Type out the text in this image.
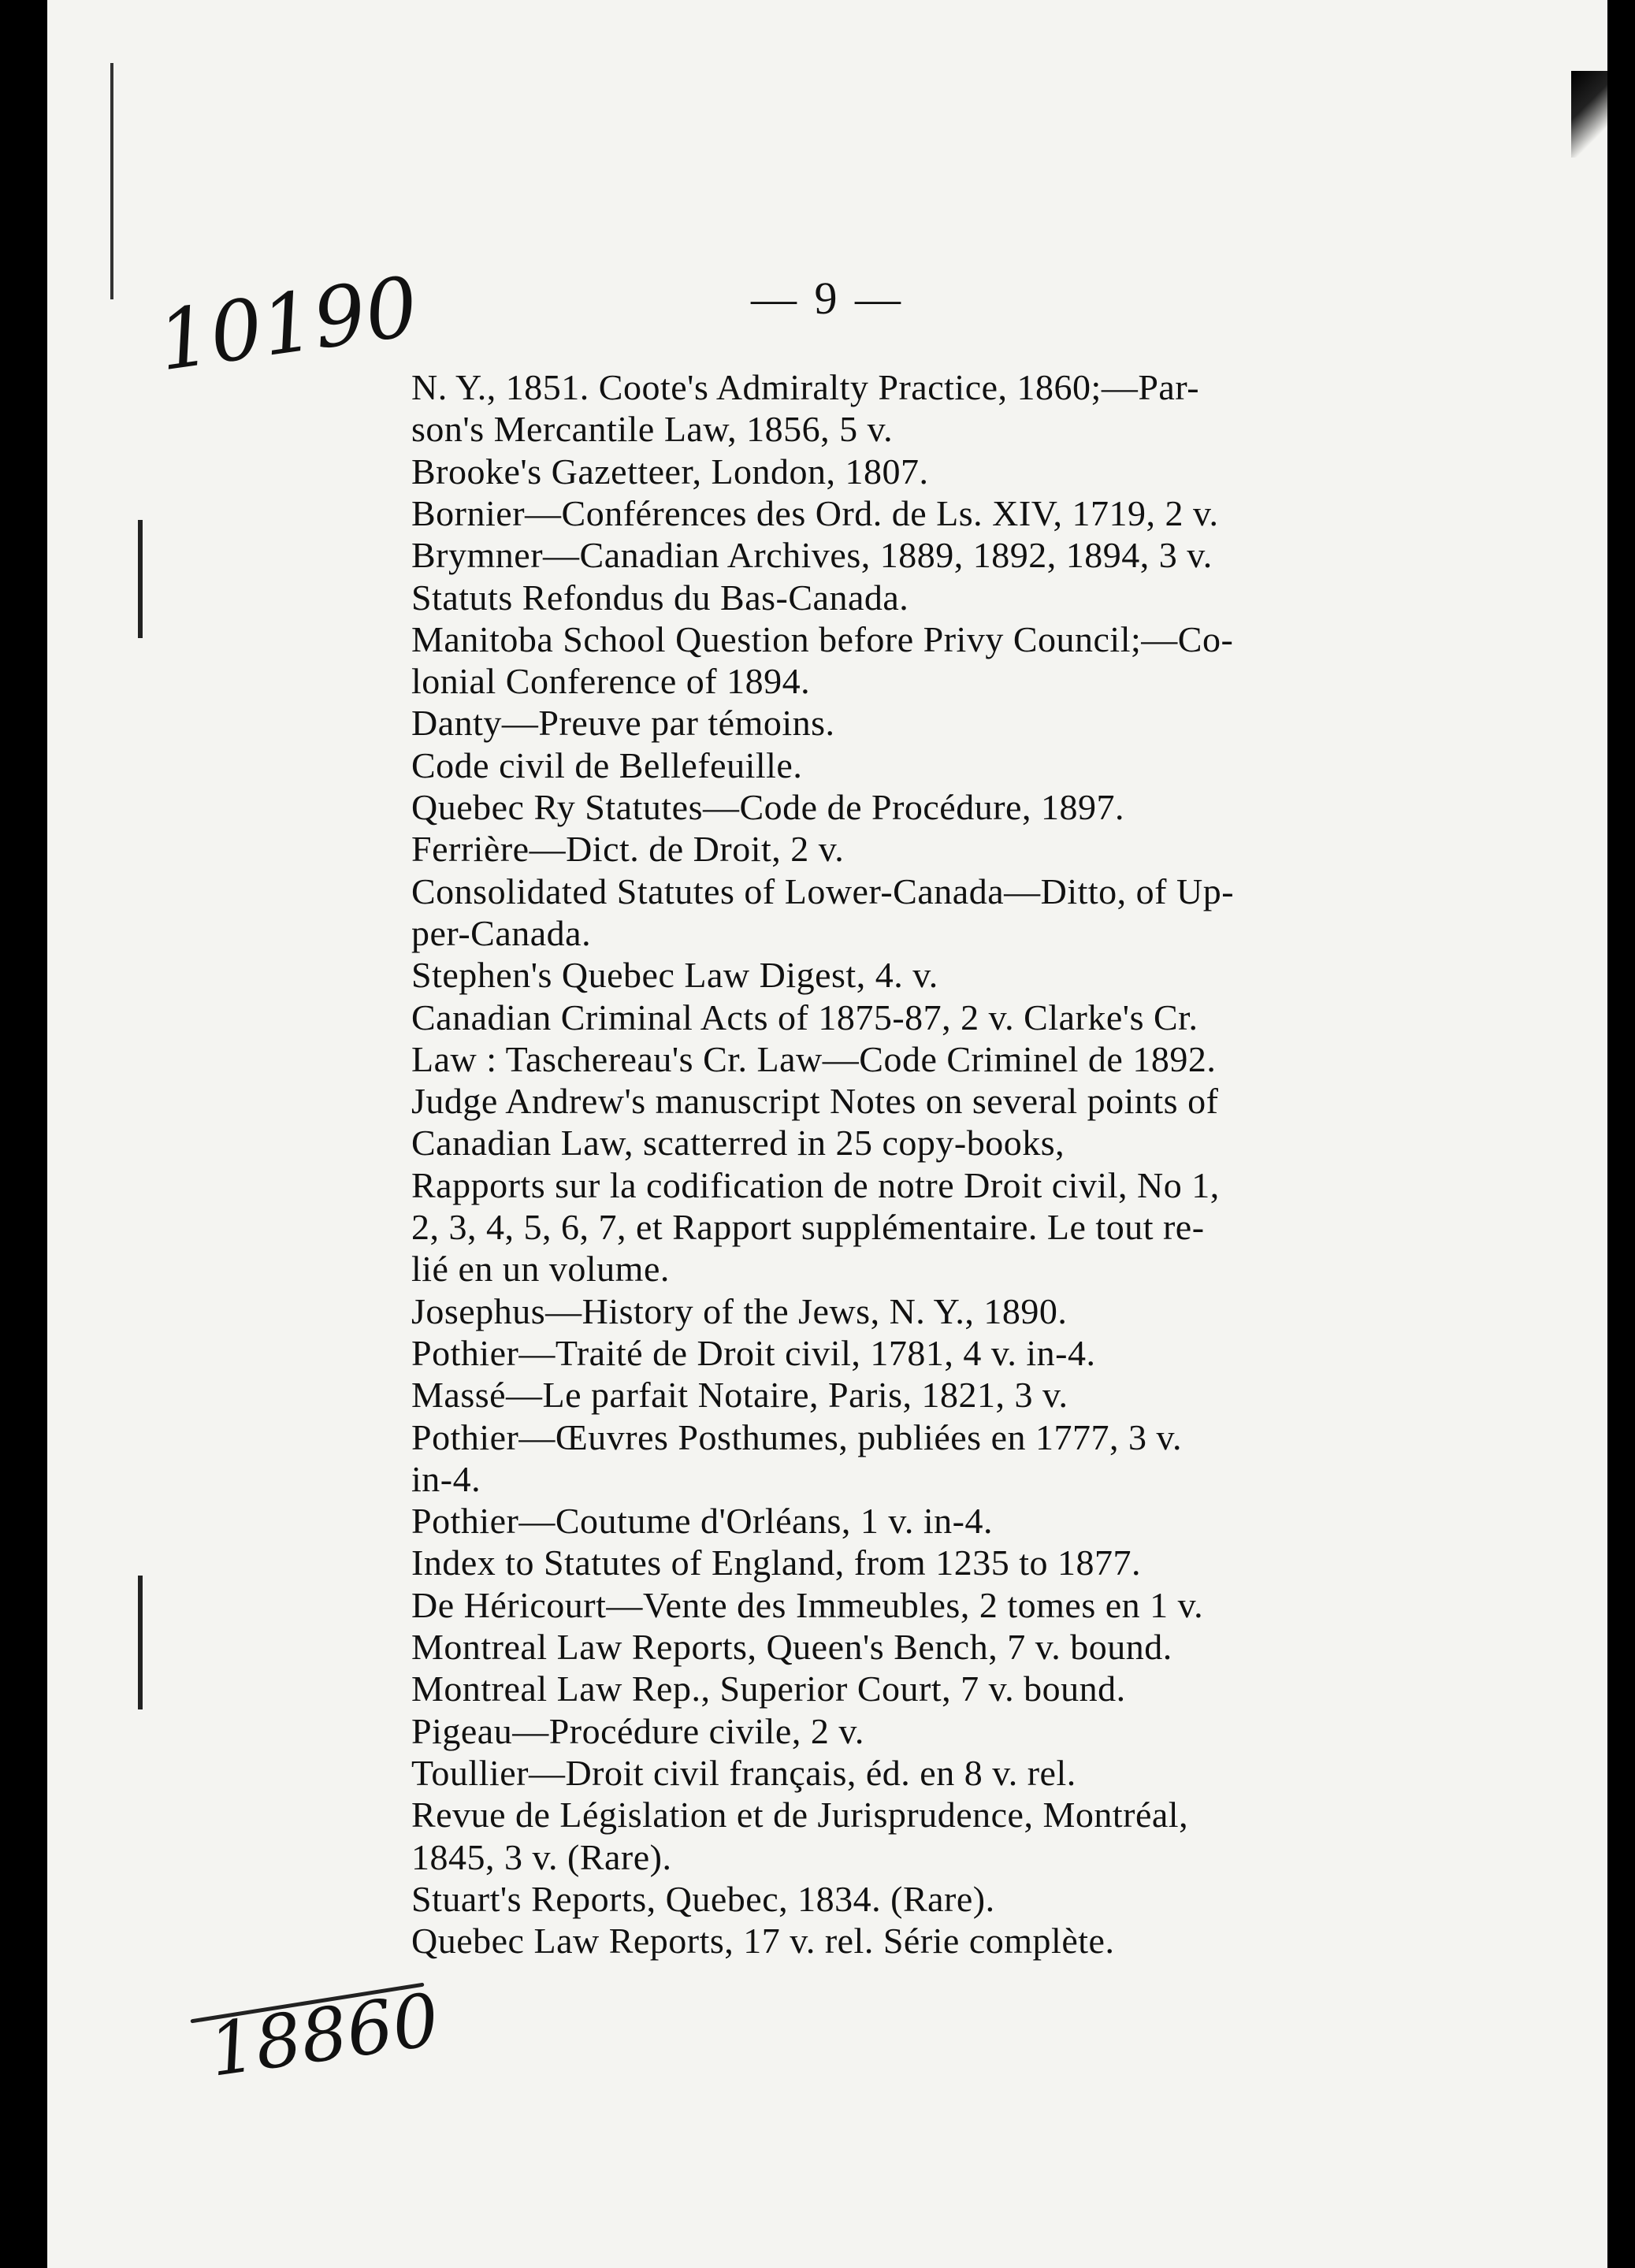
— 9 —
10190
N. Y., 1851. Coote's Admiralty Practice, 1860;—Par-
son's Mercantile Law, 1856, 5 v.
Brooke's Gazetteer, London, 1807.
Bornier—Conférences des Ord. de Ls. XIV, 1719, 2 v.
Brymner—Canadian Archives, 1889, 1892, 1894, 3 v.
Statuts Refondus du Bas-Canada.
Manitoba School Question before Privy Council;—Co-
lonial Conference of 1894.
Danty—Preuve par témoins.
Code civil de Bellefeuille.
Quebec Ry Statutes—Code de Procédure, 1897.
Ferrière—Dict. de Droit, 2 v.
Consolidated Statutes of Lower-Canada—Ditto, of Up-
per-Canada.
Stephen's Quebec Law Digest, 4. v.
Canadian Criminal Acts of 1875-87, 2 v. Clarke's Cr.
Law : Taschereau's Cr. Law—Code Criminel de 1892.
Judge Andrew's manuscript Notes on several points of
Canadian Law, scatterred in 25 copy-books,
Rapports sur la codification de notre Droit civil, No 1,
2, 3, 4, 5, 6, 7, et Rapport supplémentaire. Le tout re-
lié en un volume.
Josephus—History of the Jews, N. Y., 1890.
Pothier—Traité de Droit civil, 1781, 4 v. in-4.
Massé—Le parfait Notaire, Paris, 1821, 3 v.
Pothier—Œuvres Posthumes, publiées en 1777, 3 v.
in-4.
Pothier—Coutume d'Orléans, 1 v. in-4.
Index to Statutes of England, from 1235 to 1877.
De Héricourt—Vente des Immeubles, 2 tomes en 1 v.
Montreal Law Reports, Queen's Bench, 7 v. bound.
Montreal Law Rep., Superior Court, 7 v. bound.
Pigeau—Procédure civile, 2 v.
Toullier—Droit civil français, éd. en 8 v. rel.
Revue de Législation et de Jurisprudence, Montréal,
1845, 3 v. (Rare).
Stuart's Reports, Quebec, 1834. (Rare).
Quebec Law Reports, 17 v. rel. Série complète.
18860
